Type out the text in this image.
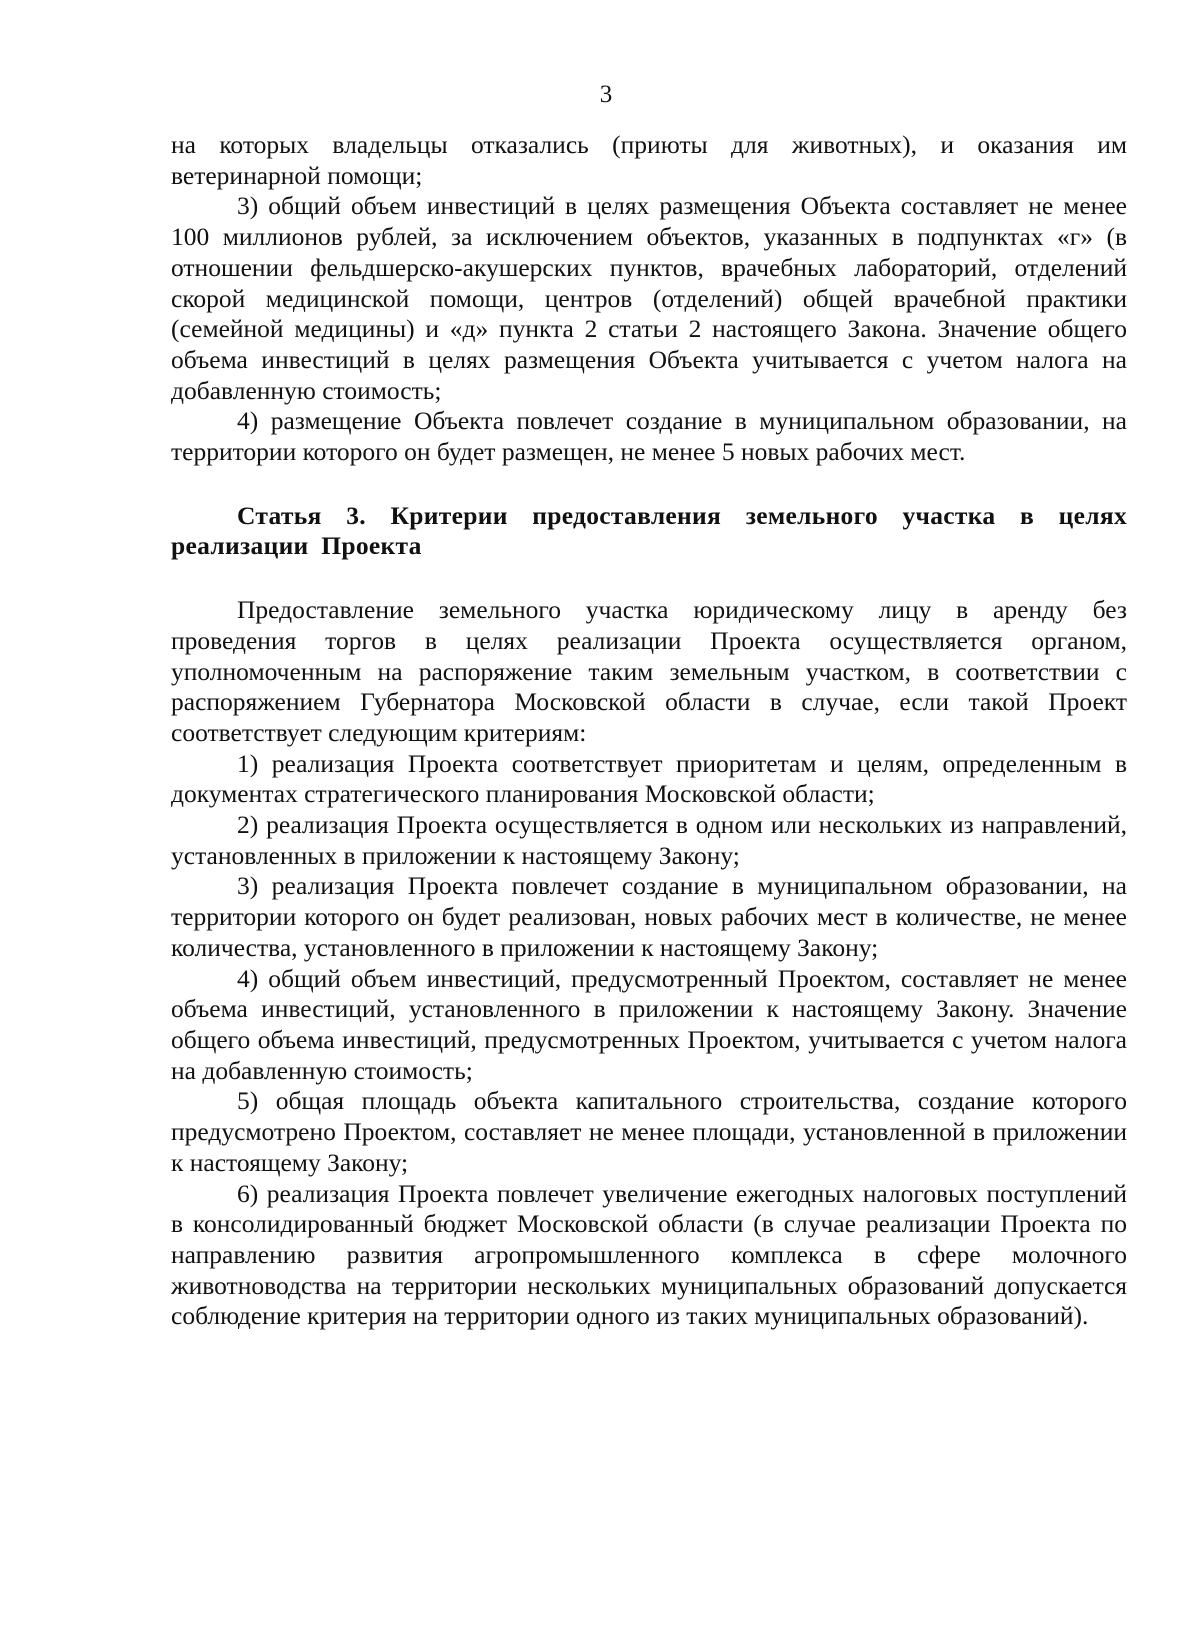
3

на которых владельцы отказались (приюты для животных), и оказания им ветеринарной помощи;

3) общий объем инвестиций в целях размещения Объекта составляет не менее 100 миллионов рублей, за исключением объектов, указанных в подпунктах «г» (в отношении фельдшерско-акушерских пунктов, врачебных лабораторий, отделений скорой медицинской помощи, центров (отделений) общей врачебной практики (семейной медицины) и «д» пункта 2 статьи 2 настоящего Закона. Значение общего объема инвестиций в целях размещения Объекта учитывается с учетом налога на добавленную стоимость;

4) размещение Объекта повлечет создание в муниципальном образовании, на территории которого он будет размещен, не менее 5 новых рабочих мест.

Статья 3. Критерии предоставления земельного участка в целях реализации Проекта

Предоставление земельного участка юридическому лицу в аренду без проведения торгов в целях реализации Проекта осуществляется органом, уполномоченным на распоряжение таким земельным участком, в соответствии с распоряжением Губернатора Московской области в случае, если такой Проект соответствует следующим критериям:

1) реализация Проекта соответствует приоритетам и целям, определенным в документах стратегического планирования Московской области;

2) реализация Проекта осуществляется в одном или нескольких из направлений, установленных в приложении к настоящему Закону;

3) реализация Проекта повлечет создание в муниципальном образовании, на территории которого он будет реализован, новых рабочих мест в количестве, не менее количества, установленного в приложении к настоящему Закону;

4) общий объем инвестиций, предусмотренный Проектом, составляет не менее объема инвестиций, установленного в приложении к настоящему Закону. Значение общего объема инвестиций, предусмотренных Проектом, учитывается с учетом налога на добавленную стоимость;

5) общая площадь объекта капитального строительства, создание которого предусмотрено Проектом, составляет не менее площади, установленной в приложении к настоящему Закону;

6) реализация Проекта повлечет увеличение ежегодных налоговых поступлений в консолидированный бюджет Московской области (в случае реализации Проекта по направлению развития агропромышленного комплекса в сфере молочного животноводства на территории нескольких муниципальных образований допускается соблюдение критерия на территории одного из таких муниципальных образований).
